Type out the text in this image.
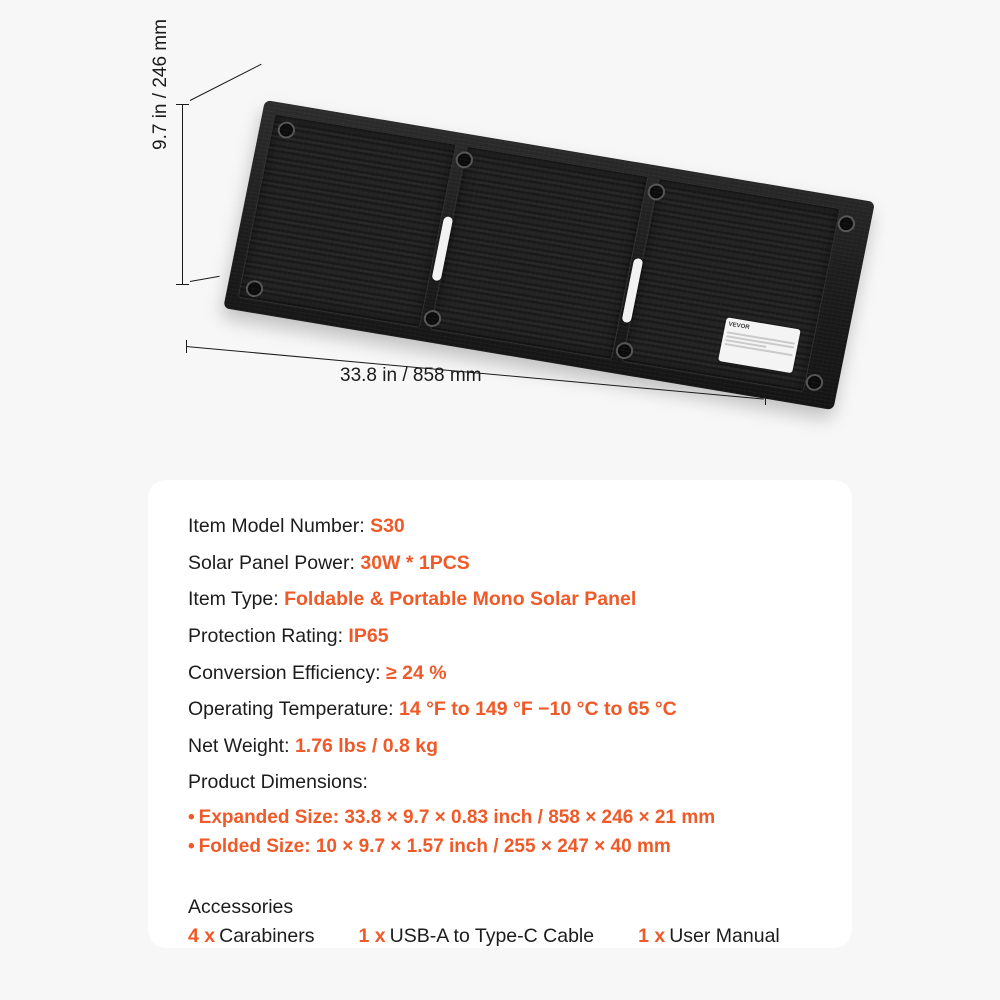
VEVOR
9.7 in / 246 mm
33.8 in / 858 mm

Item Model Number: S30

Solar Panel Power: 30W * 1PCS

Item Type: Foldable & Portable Mono Solar Panel

Protection Rating: IP65

Conversion Efficiency: ≥ 24 %

Operating Temperature: 14 °F to 149 °F −10 °C to 65 °C

Net Weight: 1.76 lbs / 0.8 kg

Product Dimensions:

• Expanded Size: 33.8 × 9.7 × 0.83 inch / 858 × 246 × 21 mm

• Folded Size: 10 × 9.7 × 1.57 inch / 255 × 247 × 40 mm

Accessories

4 x Carabiners 1 x USB-A to Type-C Cable 1 x User Manual
